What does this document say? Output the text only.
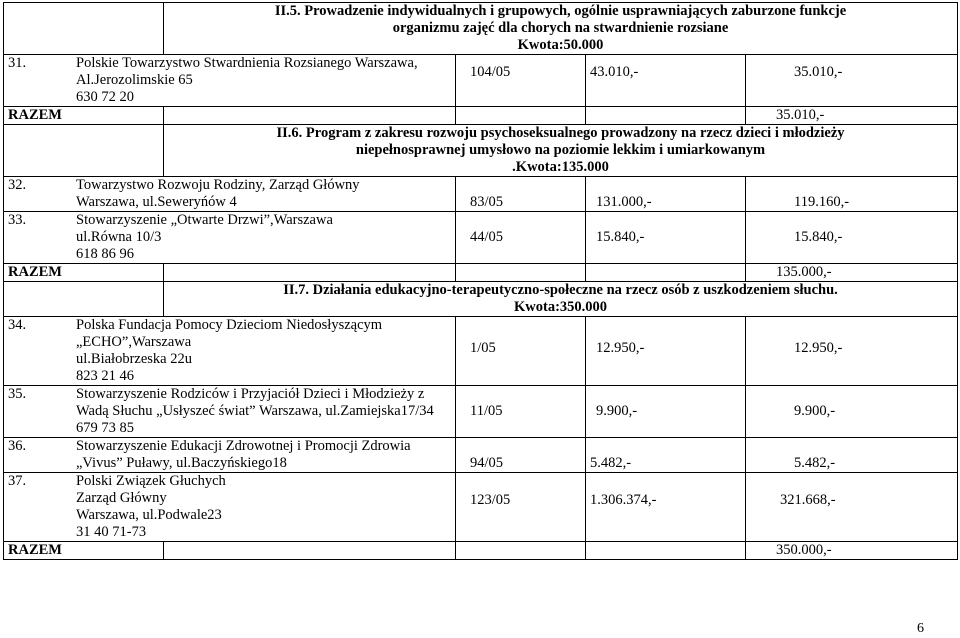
	II.5. Prowadzenie indywidualnych i grupowych, ogólnie usprawniających zaburzone funkcje
organizmu zajęć dla chorych na stwardnienie rozsiane
Kwota:50.000			

31. Polskie Towarzystwo Stwardnienia Rozsianego Warszawa,
Al.Jerozolimskie 65
630 72 20		104/05	43.010,-	35.010,-

RAZEM				35.010,-

	II.6. Program z zakresu rozwoju psychoseksualnego prowadzony na rzecz dzieci i młodzieży
niepełnosprawnej umysłowo na poziomie lekkim i umiarkowanym
.Kwota:135.000			

32. Towarzystwo Rozwoju Rodziny, Zarząd Główny
Warszawa, ul.Seweryńów 4		83/05	131.000,-	119.160,-

33. Stowarzyszenie „Otwarte Drzwi”,Warszawa
ul.Równa 10/3
618 86 96		44/05	15.840,-	15.840,-

RAZEM				135.000,-

	II.7. Działania edukacyjno-terapeutyczno-społeczne na rzecz osób z uszkodzeniem słuchu.
Kwota:350.000			

34. Polska Fundacja Pomocy Dzieciom Niedosłyszącym
„ECHO”,Warszawa
ul.Białobrzeska 22u
823 21 46		1/05	12.950,-	12.950,-

35. Stowarzyszenie Rodziców i Przyjaciół Dzieci i Młodzieży z
Wadą Słuchu „Usłyszeć świat” Warszawa, ul.Zamiejska17/34
679 73 85		11/05	9.900,-	9.900,-

36. Stowarzyszenie Edukacji Zdrowotnej i Promocji Zdrowia
„Vivus” Puławy, ul.Baczyńskiego18		94/05	5.482,-	5.482,-

37. Polski Związek Głuchych
Zarząd Główny
Warszawa, ul.Podwale23
31 40 71-73		123/05	1.306.374,-	321.668,-

RAZEM				350.000,-
6
